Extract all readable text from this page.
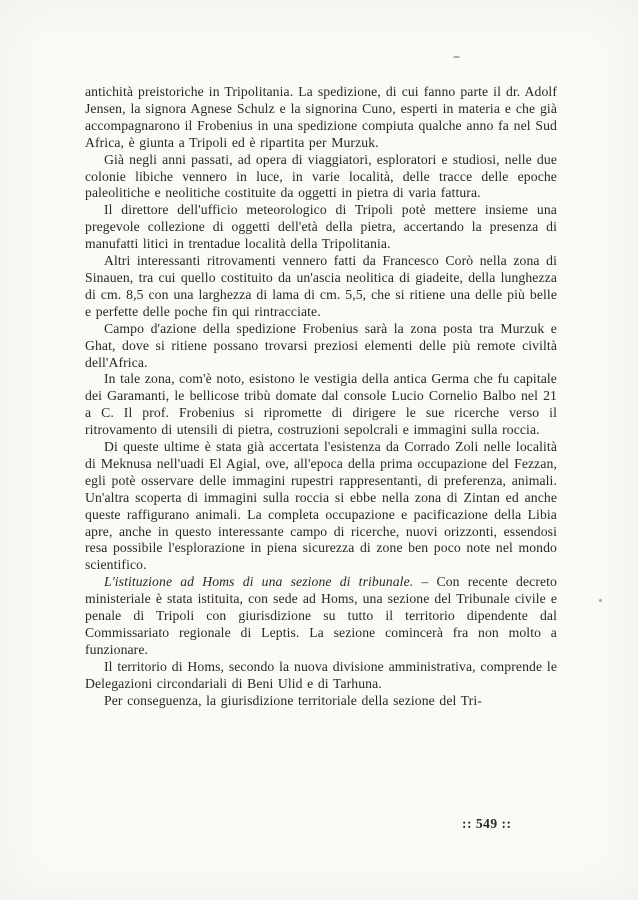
antichità preistoriche in Tripolitania. La spedizione, di cui fanno parte il dr. Adolf Jensen, la signora Agnese Schulz e la signorina Cuno, esperti in materia e che già accompagnarono il Frobenius in una spedizione compiuta qualche anno fa nel Sud Africa, è giunta a Tripoli ed è ripartita per Murzuk.

Già negli anni passati, ad opera di viaggiatori, esploratori e studiosi, nelle due colonie libiche vennero in luce, in varie località, delle tracce delle epoche paleolitiche e neolitiche costituite da oggetti in pietra di varia fattura.

Il direttore dell'ufficio meteorologico di Tripoli potè mettere insieme una pregevole collezione di oggetti dell'età della pietra, accertando la presenza di manufatti litici in trentadue località della Tripolitania.

Altri interessanti ritrovamenti vennero fatti da Francesco Corò nella zona di Sinauen, tra cui quello costituito da un'ascia neolitica di giadeite, della lunghezza di cm. 8,5 con una larghezza di lama di cm. 5,5, che si ritiene una delle più belle e perfette delle poche fin qui rintracciate.

Campo d'azione della spedizione Frobenius sarà la zona posta tra Murzuk e Ghat, dove si ritiene possano trovarsi preziosi elementi delle più remote civiltà dell'Africa.

In tale zona, com'è noto, esistono le vestigia della antica Germa che fu capitale dei Garamanti, le bellicose tribù domate dal console Lucio Cornelio Balbo nel 21 a C. Il prof. Frobenius si ripromette di dirigere le sue ricerche verso il ritrovamento di utensili di pietra, costruzioni sepolcrali e immagini sulla roccia.

Di queste ultime è stata già accertata l'esistenza da Corrado Zoli nelle località di Meknusa nell'uadi El Agial, ove, all'epoca della prima occupazione del Fezzan, egli potè osservare delle immagini rupestri rappresentanti, di preferenza, animali. Un'altra scoperta di immagini sulla roccia si ebbe nella zona di Zintan ed anche queste raffigurano animali. La completa occupazione e pacificazione della Libia apre, anche in questo interessante campo di ricerche, nuovi orizzonti, essendosi resa possibile l'esplorazione in piena sicurezza di zone ben poco note nel mondo scientifico.

L'istituzione ad Homs di una sezione di tribunale. – Con recente decreto ministeriale è stata istituita, con sede ad Homs, una sezione del Tribunale civile e penale di Tripoli con giurisdizione su tutto il territorio dipendente dal Commissariato regionale di Leptis. La sezione comincerà fra non molto a funzionare.

Il territorio di Homs, secondo la nuova divisione amministrativa, comprende le Delegazioni circondariali di Beni Ulid e di Tarhuna.

Per conseguenza, la giurisdizione territoriale della sezione del Tri-

:: 549 ::
